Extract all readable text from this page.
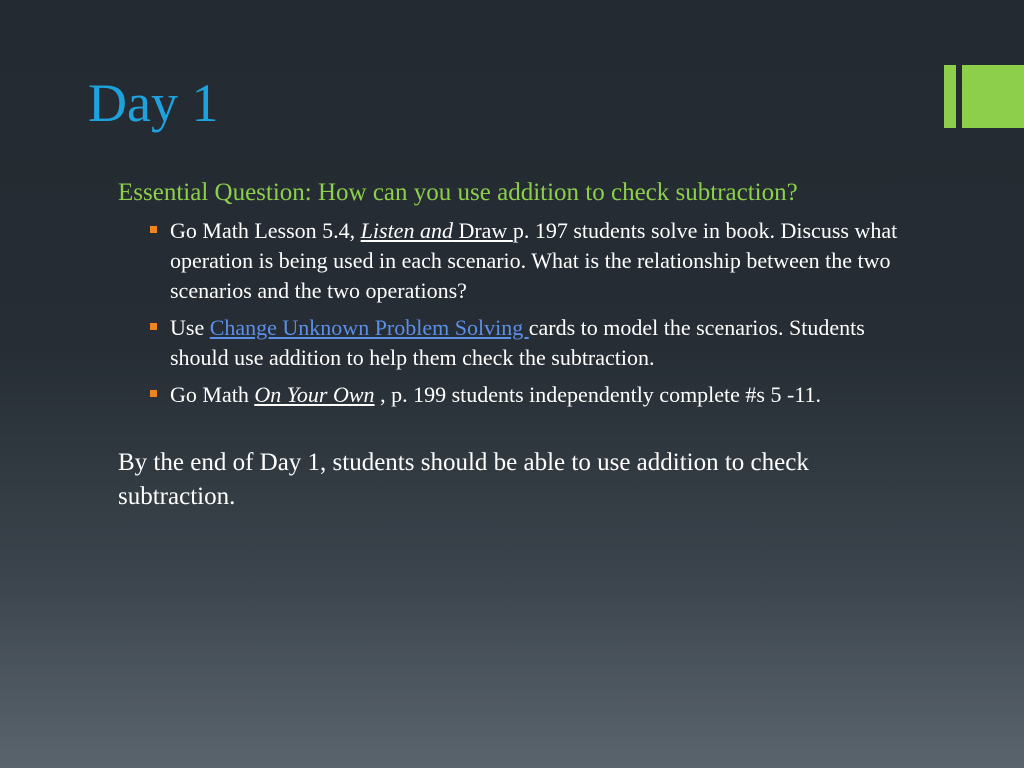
Day 1

Essential Question: How can you use addition to check subtraction?

Go Math Lesson 5.4, Listen and Draw p. 197 students solve in book. Discuss what operation is being used in each scenario. What is the relationship between the two scenarios and the two operations?
Use Change Unknown Problem Solving cards to model the scenarios. Students should use addition to help them check the subtraction.
Go Math On Your Own , p. 199 students independently complete #s 5 -11.

By the end of Day 1, students should be able to use addition to check subtraction.
